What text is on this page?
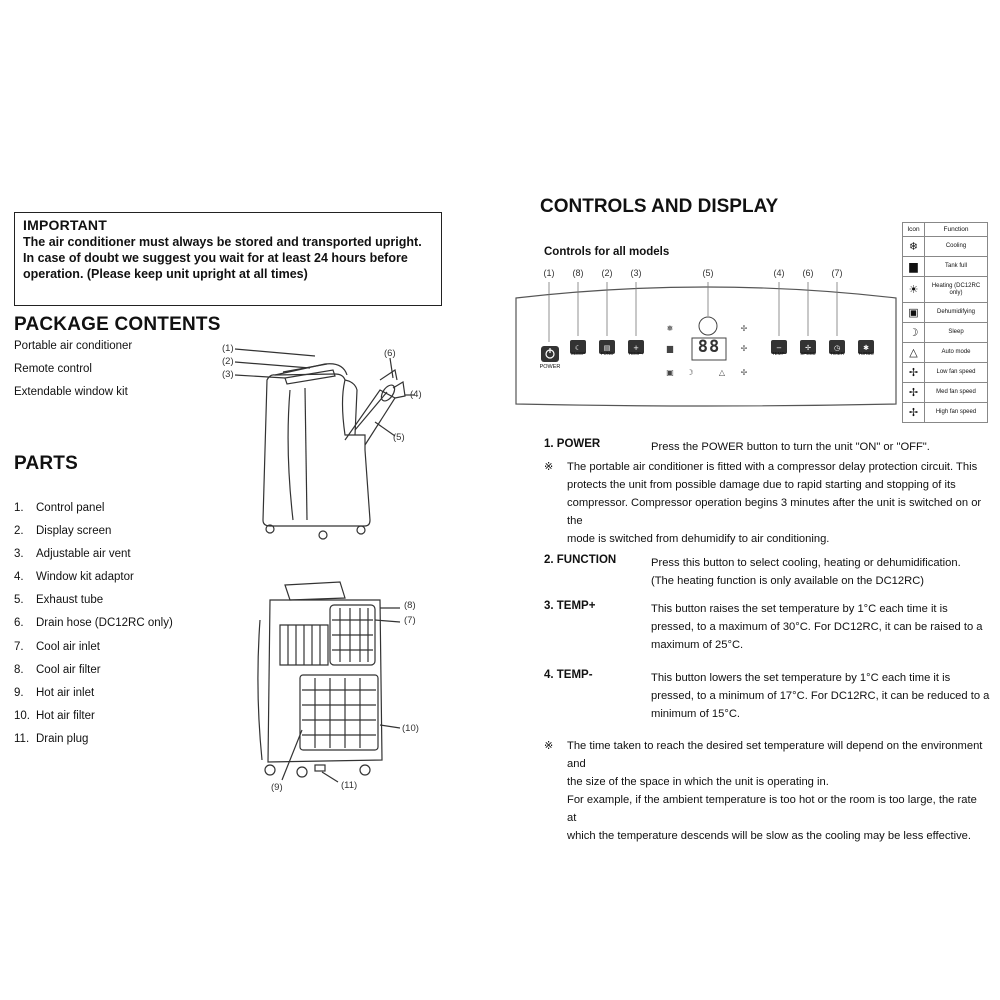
IMPORTANT
The air conditioner must always be stored and transported upright.
In case of doubt we suggest you wait for at least 24 hours before
operation. (Please keep unit upright at all times)
PACKAGE CONTENTS
Portable air conditioner
Remote control
Extendable window kit
(1)
(2)
(3)
(4)
(5)
(6)
PARTS
1. Control panel
2. Display screen
3. Adjustable air vent
4. Window kit adaptor
5. Exhaust tube
6. Drain hose (DC12RC only)
7. Cool air inlet
8. Cool air filter
9. Hot air inlet
10. Hot air filter
11. Drain plug
(8)
(7)
(10)
(9)	(11)
CONTROLS AND DISPLAY
Controls for all models
(1)	(8)	(2)	(3)	(5)	(4)	(6)	(7)
☾	▤	+	−	✢	◷	✱
❅
▆
▣ ☽	△
✢
✢
✢
88
POWER
SLEEP	FUNC	TEMP+	TEMP-	SPEED	TIMER	TURBO
Icon	Function
❄	Cooling
▆	Tank full
☀	Heating (DC12RC only)
▣	Dehumidifying
☽	Sleep
△	Auto mode
✢	Low fan speed
✢	Med fan speed
✢	High fan speed
1. POWER	Press the POWER button to turn the unit "ON" or "OFF".
※ The portable air conditioner is fitted with a compressor delay protection circuit. This
protects the unit from possible damage due to rapid starting and stopping of its
compressor. Compressor operation begins 3 minutes after the unit is switched on or the
mode is switched from dehumidify to air conditioning.
2. FUNCTION	Press this button to select cooling, heating or dehumidification.
(The heating function is only available on the DC12RC)
3. TEMP+	This button raises the set temperature by 1°C each time it is
pressed, to a maximum of 30°C. For DC12RC, it can be raised to a
maximum of 25°C.
4. TEMP-	This button lowers the set temperature by 1°C each time it is
pressed, to a minimum of 17°C. For DC12RC, it can be reduced to a
minimum of 15°C.
※ The time taken to reach the desired set temperature will depend on the environment and
the size of the space in which the unit is operating in.
For example, if the ambient temperature is too hot or the room is too large, the rate at
which the temperature descends will be slow as the cooling may be less effective.
